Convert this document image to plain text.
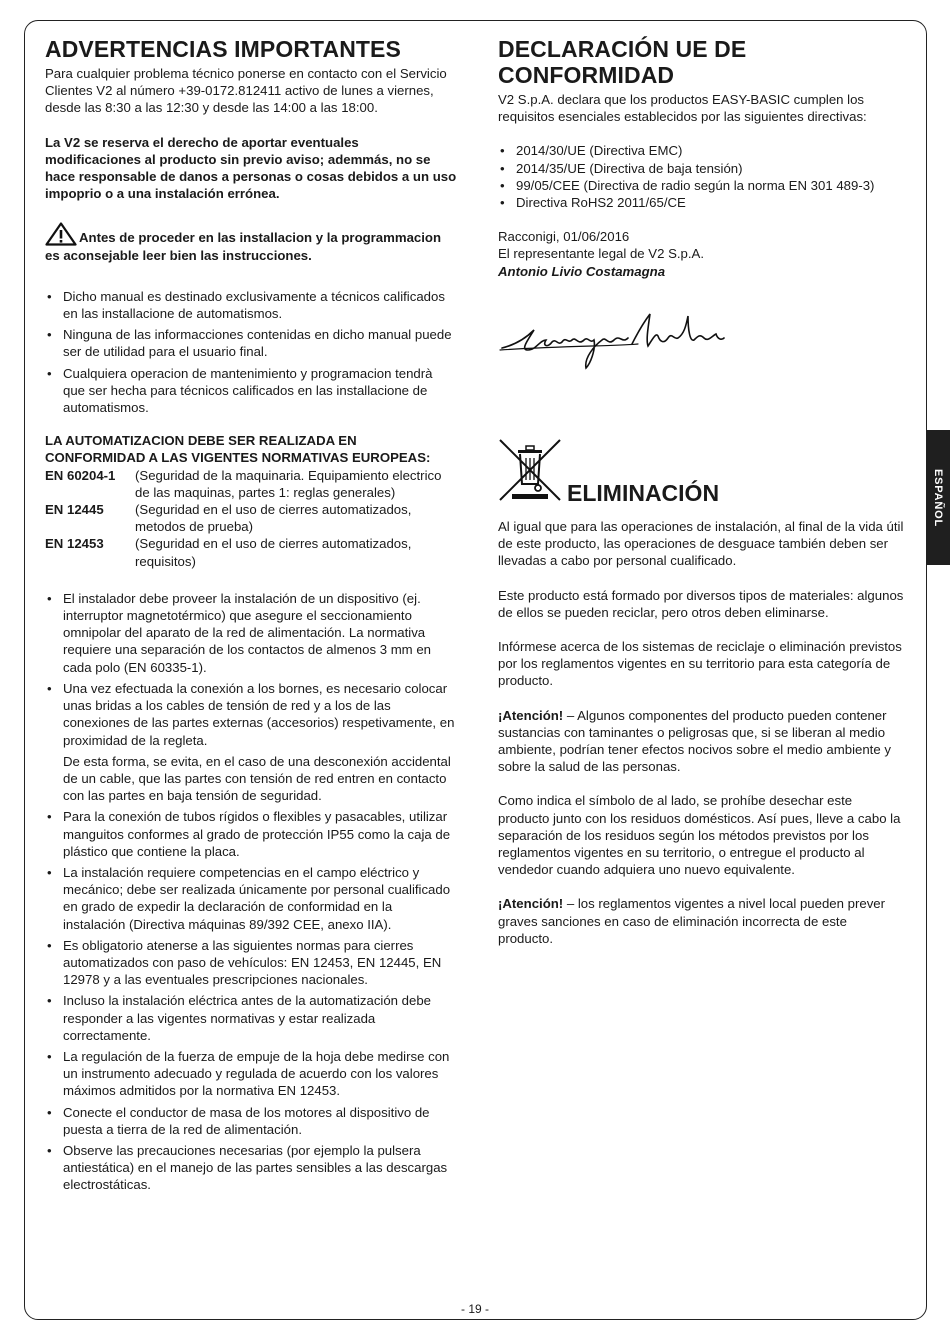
ADVERTENCIAS IMPORTANTES

Para cualquier problema técnico ponerse en contacto con el Servicio Clientes V2 al número +39-0172.812411 activo de lunes a viernes, desde las 8:30 a las 12:30 y desde las 14:00 a las 18:00.

La V2 se reserva el derecho de aportar eventuales modificaciones al producto sin previo aviso; ademmás, no se hace responsable de danos a personas o cosas debidos a un uso impoprio o a una instalación errónea.

Antes de proceder en las installacion y la programmacion es aconsejable leer bien las instrucciones.
• Dicho manual es destinado exclusivamente a técnicos calificados en las installacione de automatismos.
• Ninguna de las informacciones contenidas en dicho manual puede ser de utilidad para el usuario final.
• Cualquiera operacion de mantenimiento y programacion tendrà que ser hecha para técnicos calificados en las installacione de automatismos.

LA AUTOMATIZACION DEBE SER REALIZADA EN CONFORMIDAD A LAS VIGENTES NORMATIVAS EUROPEAS:

EN 60204-1	(Seguridad de la maquinaria. Equipamiento electrico de las maquinas, partes 1: reglas generales)
EN 12445	(Seguridad en el uso de cierres automatizados, metodos de prueba)
EN 12453	(Seguridad en el uso de cierres automatizados, requisitos)
• El instalador debe proveer la instalación de un dispositivo (ej. interruptor magnetotérmico) que asegure el seccionamiento omnipolar del aparato de la red de alimentación. La normativa requiere una separación de los contactos de almenos 3 mm en cada polo (EN 60335-1).
• Una vez efectuada la conexión a los bornes, es necesario colocar unas bridas a los cables de tensión de red y a los de las conexiones de las partes externas (accesorios) respetivamente, en proximidad de la regleta.

De esta forma, se evita, en el caso de una desconexión accidental de un cable, que las partes con tensión de red entren en contacto con las partes en baja tensión de seguridad.

• Para la conexión de tubos rígidos o flexibles y pasacables, utilizar manguitos conformes al grado de protección IP55 como la caja de plástico que contiene la placa.
• La instalación requiere competencias en el campo eléctrico y mecánico; debe ser realizada únicamente por personal cualificado en grado de expedir la declaración de conformidad en la instalación (Directiva máquinas 89/392 CEE, anexo IIA).
• Es obligatorio atenerse a las siguientes normas para cierres automatizados con paso de vehículos: EN 12453, EN 12445, EN 12978 y a las eventuales prescripciones nacionales.
• Incluso la instalación eléctrica antes de la automatización debe responder a las vigentes normativas y estar realizada correctamente.
• La regulación de la fuerza de empuje de la hoja debe medirse con un instrumento adecuado y regulada de acuerdo con los valores máximos admitidos por la normativa EN 12453.
• Conecte el conductor de masa de los motores al dispositivo de puesta a tierra de la red de alimentación.
• Observe las precauciones necesarias (por ejemplo la pulsera antiestática) en el manejo de las partes sensibles a las descargas electrostáticas.
DECLARACIÓN UE DE CONFORMIDAD

V2 S.p.A. declara que los productos EASY-BASIC cumplen los requisitos esenciales establecidos por las siguientes directivas:

• 2014/30/UE (Directiva EMC)
• 2014/35/UE (Directiva de baja tensión)
• 99/05/CEE (Directiva de radio según la norma EN 301 489-3)
• Directiva RoHS2 2011/65/CE

Racconigi, 01/06/2016

El representante legal de V2 S.p.A.

Antonio Livio Costamagna

ELIMINACIÓN

Al igual que para las operaciones de instalación, al final de la vida útil de este producto, las operaciones de desguace también deben ser llevadas a cabo por personal cualificado.

Este producto está formado por diversos tipos de materiales: algunos de ellos se pueden reciclar, pero otros deben eliminarse.

Infórmese acerca de los sistemas de reciclaje o eliminación previstos por los reglamentos vigentes en su territorio para esta categoría de producto.

¡Atención! – Algunos componentes del producto pueden contener sustancias con taminantes o peligrosas que, si se liberan al medio ambiente, podrían tener efectos nocivos sobre el medio ambiente y sobre la salud de las personas.

Como indica el símbolo de al lado, se prohíbe desechar este producto junto con los residuos domésticos. Así pues, lleve a cabo la separación de los residuos según los métodos previstos por los reglamentos vigentes en su territorio, o entregue el producto al vendedor cuando adquiera uno nuevo equivalente.

¡Atención! – los reglamentos vigentes a nivel local pueden prever graves sanciones en caso de eliminación incorrecta de este producto.

ESPAÑOL
- 19 -
